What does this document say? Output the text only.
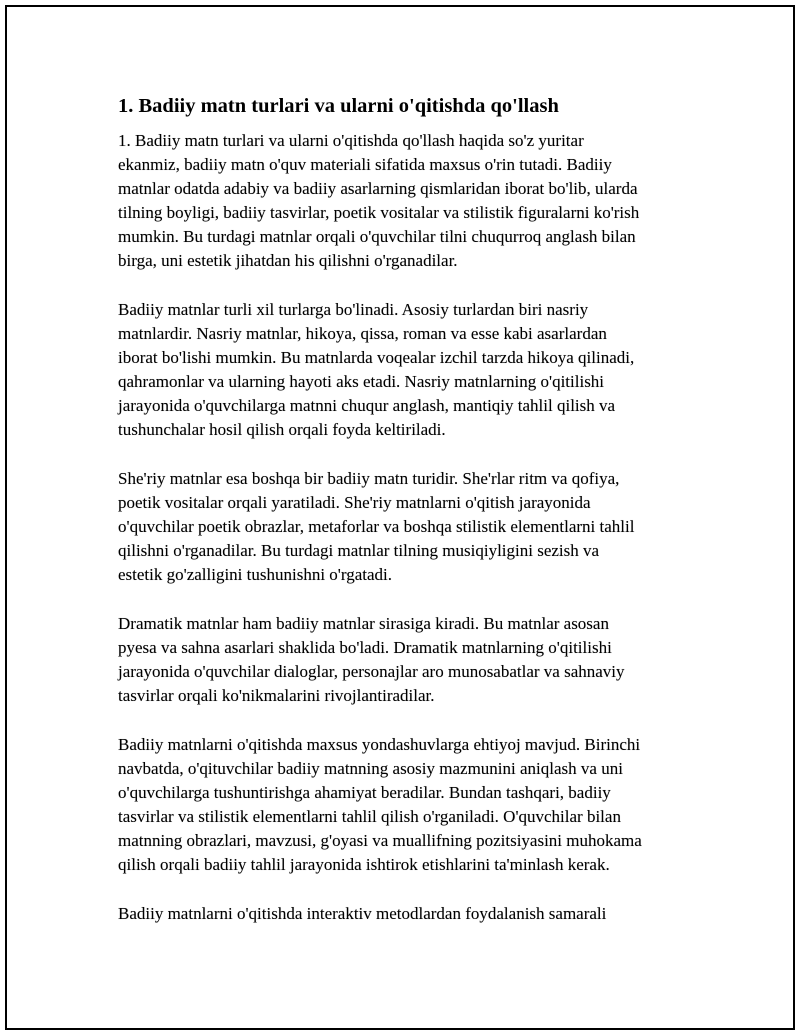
1. Badiiy matn turlari va ularni o'qitishda qo'llash
1. Badiiy matn turlari va ularni o'qitishda qo'llash haqida so'z yuritar
ekanmiz, badiiy matn o'quv materiali sifatida maxsus o'rin tutadi. Badiiy
matnlar odatda adabiy va badiiy asarlarning qismlaridan iborat bo'lib, ularda
tilning boyligi, badiiy tasvirlar, poetik vositalar va stilistik figuralarni ko'rish
mumkin. Bu turdagi matnlar orqali o'quvchilar tilni chuqurroq anglash bilan
birga, uni estetik jihatdan his qilishni o'rganadilar.
Badiiy matnlar turli xil turlarga bo'linadi. Asosiy turlardan biri nasriy
matnlardir. Nasriy matnlar, hikoya, qissa, roman va esse kabi asarlardan
iborat bo'lishi mumkin. Bu matnlarda voqealar izchil tarzda hikoya qilinadi,
qahramonlar va ularning hayoti aks etadi. Nasriy matnlarning o'qitilishi
jarayonida o'quvchilarga matnni chuqur anglash, mantiqiy tahlil qilish va
tushunchalar hosil qilish orqali foyda keltiriladi.
She'riy matnlar esa boshqa bir badiiy matn turidir. She'rlar ritm va qofiya,
poetik vositalar orqali yaratiladi. She'riy matnlarni o'qitish jarayonida
o'quvchilar poetik obrazlar, metaforlar va boshqa stilistik elementlarni tahlil
qilishni o'rganadilar. Bu turdagi matnlar tilning musiqiyligini sezish va
estetik go'zalligini tushunishni o'rgatadi.
Dramatik matnlar ham badiiy matnlar sirasiga kiradi. Bu matnlar asosan
pyesa va sahna asarlari shaklida bo'ladi. Dramatik matnlarning o'qitilishi
jarayonida o'quvchilar dialoglar, personajlar aro munosabatlar va sahnaviy
tasvirlar orqali ko'nikmalarini rivojlantiradilar.
Badiiy matnlarni o'qitishda maxsus yondashuvlarga ehtiyoj mavjud. Birinchi
navbatda, o'qituvchilar badiiy matnning asosiy mazmunini aniqlash va uni
o'quvchilarga tushuntirishga ahamiyat beradilar. Bundan tashqari, badiiy
tasvirlar va stilistik elementlarni tahlil qilish o'rganiladi. O'quvchilar bilan
matnning obrazlari, mavzusi, g'oyasi va muallifning pozitsiyasini muhokama
qilish orqali badiiy tahlil jarayonida ishtirok etishlarini ta'minlash kerak.
Badiiy matnlarni o'qitishda interaktiv metodlardan foydalanish samarali
